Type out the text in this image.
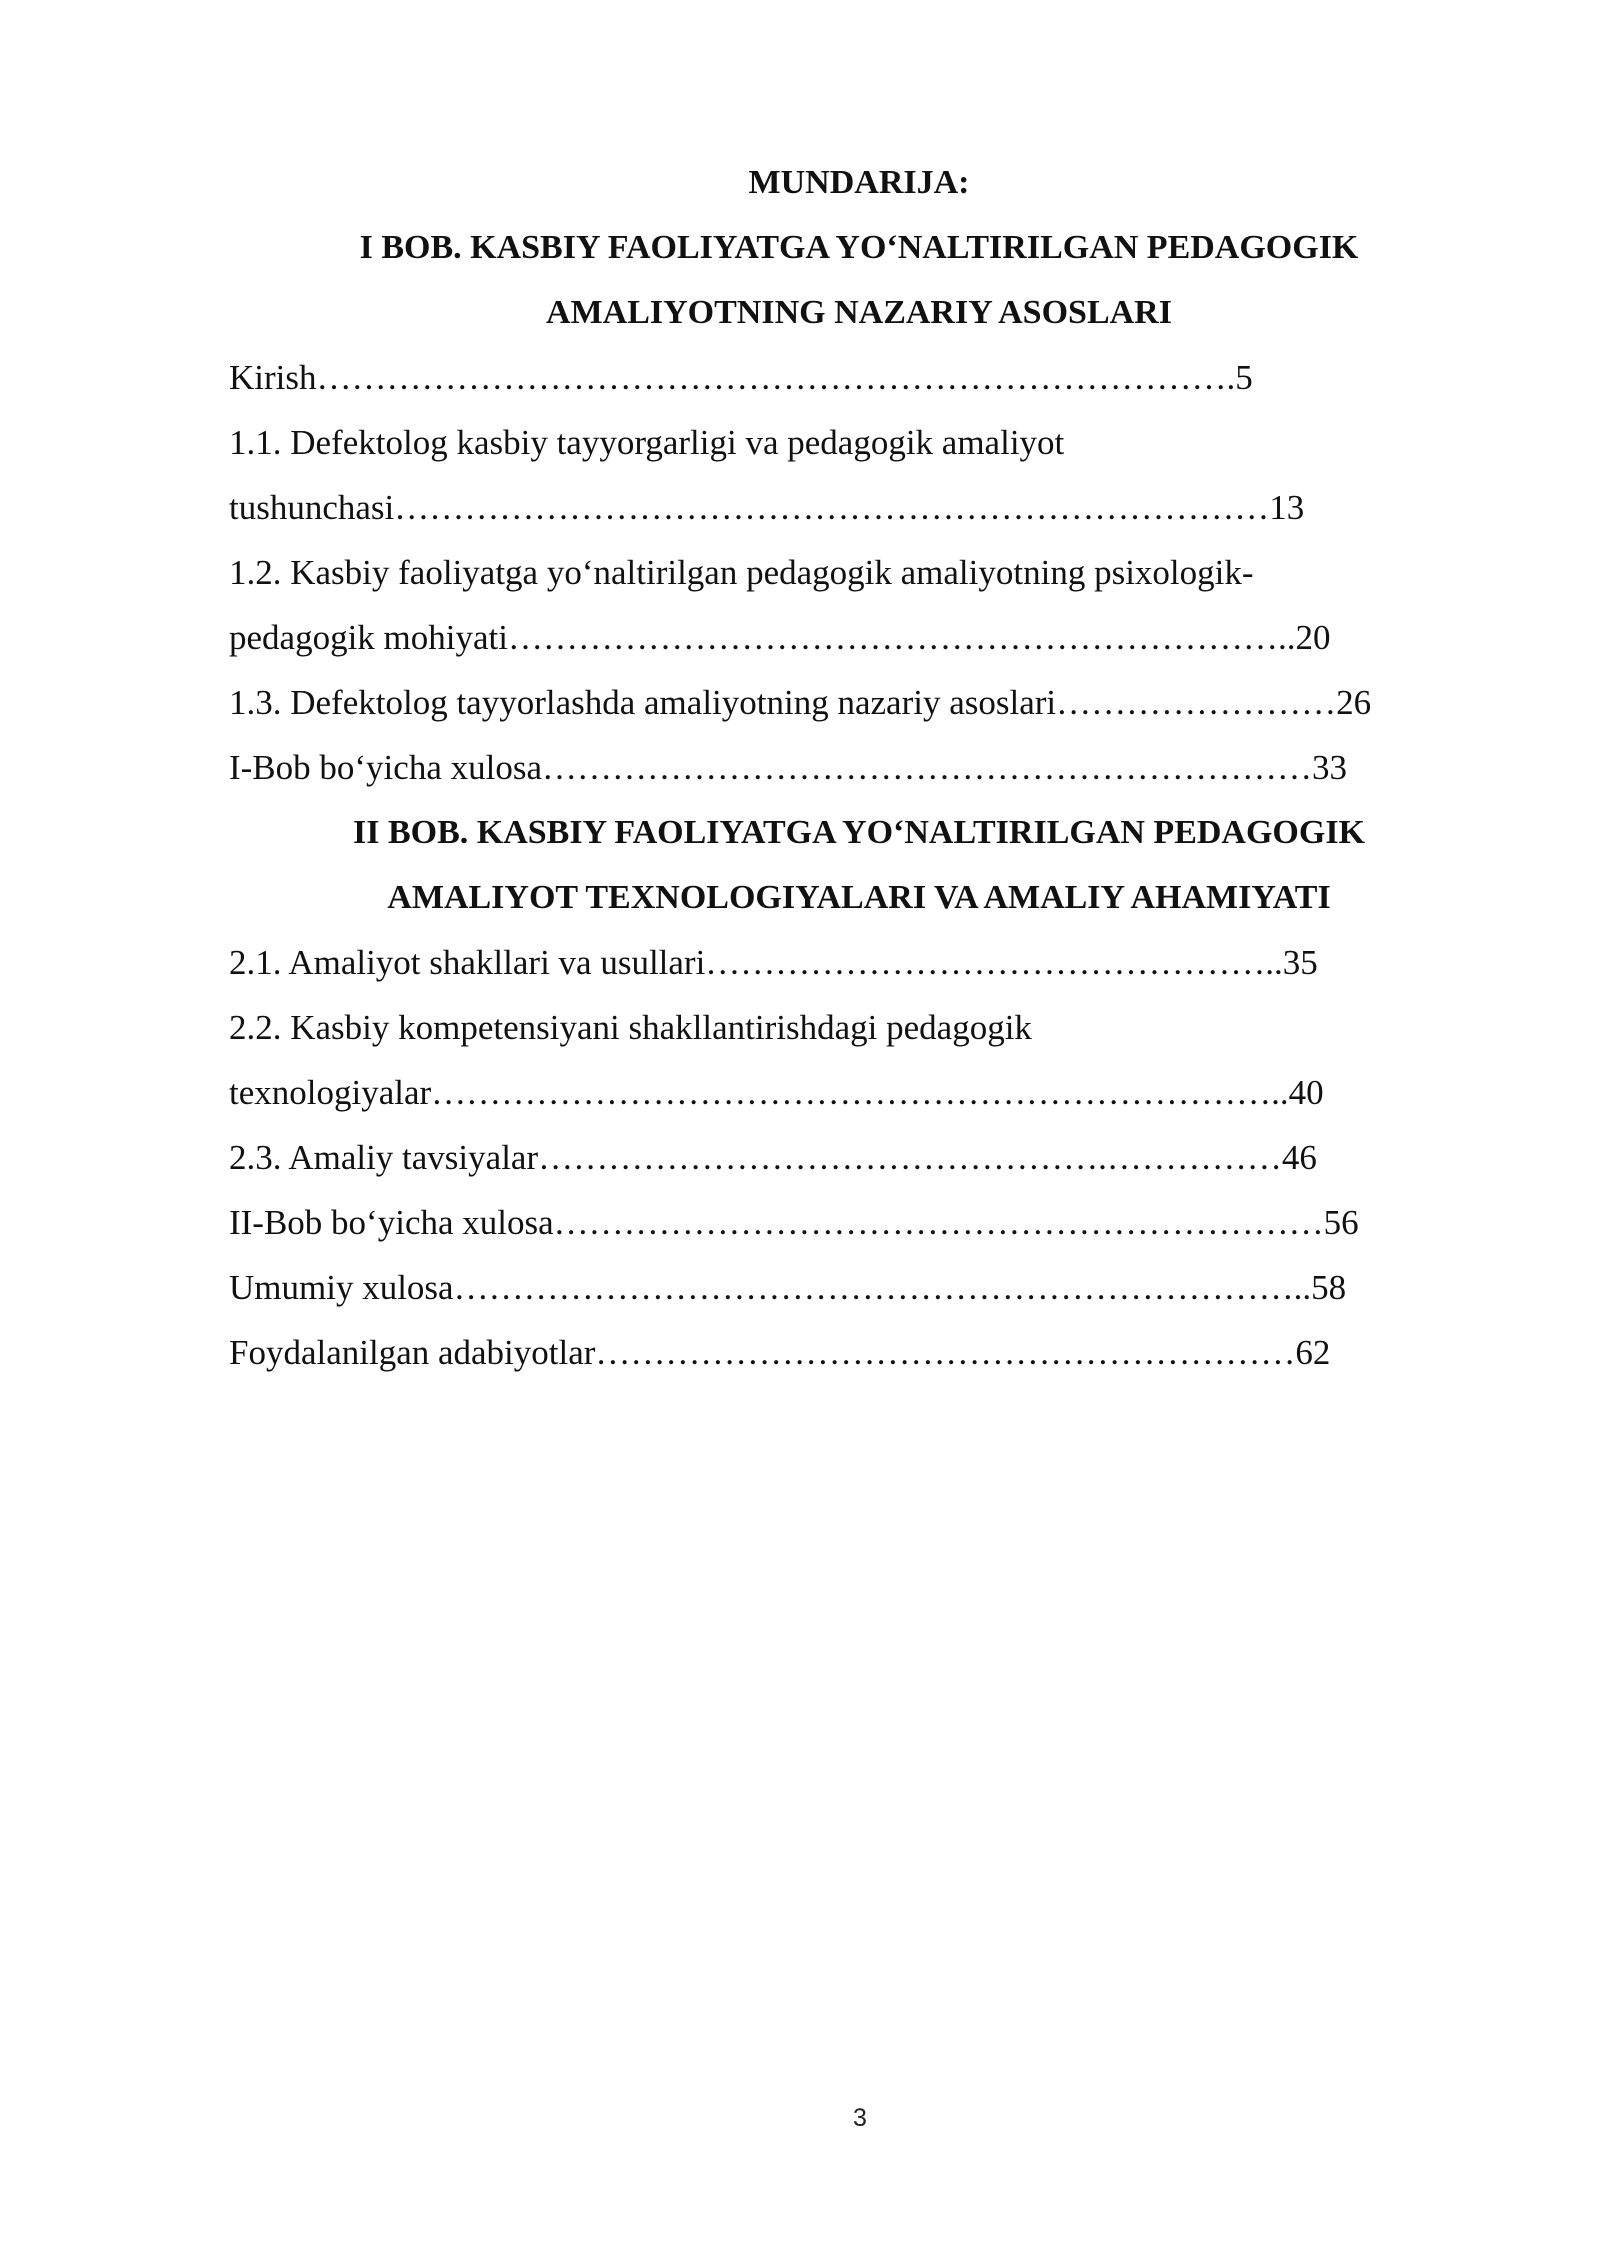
MUNDARIJA:
I BOB. KASBIY FAOLIYATGA YO‘NALTIRILGAN PEDAGOGIK
AMALIYOTNING NAZARIY ASOSLARI
Kirish…………………………………………………………………….5
1.1. Defektolog kasbiy tayyorgarligi va pedagogik amaliyot
tushunchasi…………………………………………………………………13
1.2. Kasbiy faoliyatga yo‘naltirilgan pedagogik amaliyotning psixologik-
pedagogik mohiyati…………………………………………………………..20
1.3. Defektolog tayyorlashda amaliyotning nazariy asoslari……………………26
I-Bob bo‘yicha xulosa…………………………………………………………33
II BOB. KASBIY FAOLIYATGA YO‘NALTIRILGAN PEDAGOGIK
AMALIYOT TEXNOLOGIYALARI VA AMALIY AHAMIYATI
2.1. Amaliyot shakllari va usullari…………………………………………..35
2.2. Kasbiy kompetensiyani shakllantirishdagi pedagogik
texnologiyalar………………………………………………………………..40
2.3. Amaliy tavsiyalar………………………………………….……………46
II-Bob bo‘yicha xulosa…………………………………………………………56
Umumiy xulosa………………………………………………………………..58
Foydalanilgan adabiyotlar……………………………………………………62
3
